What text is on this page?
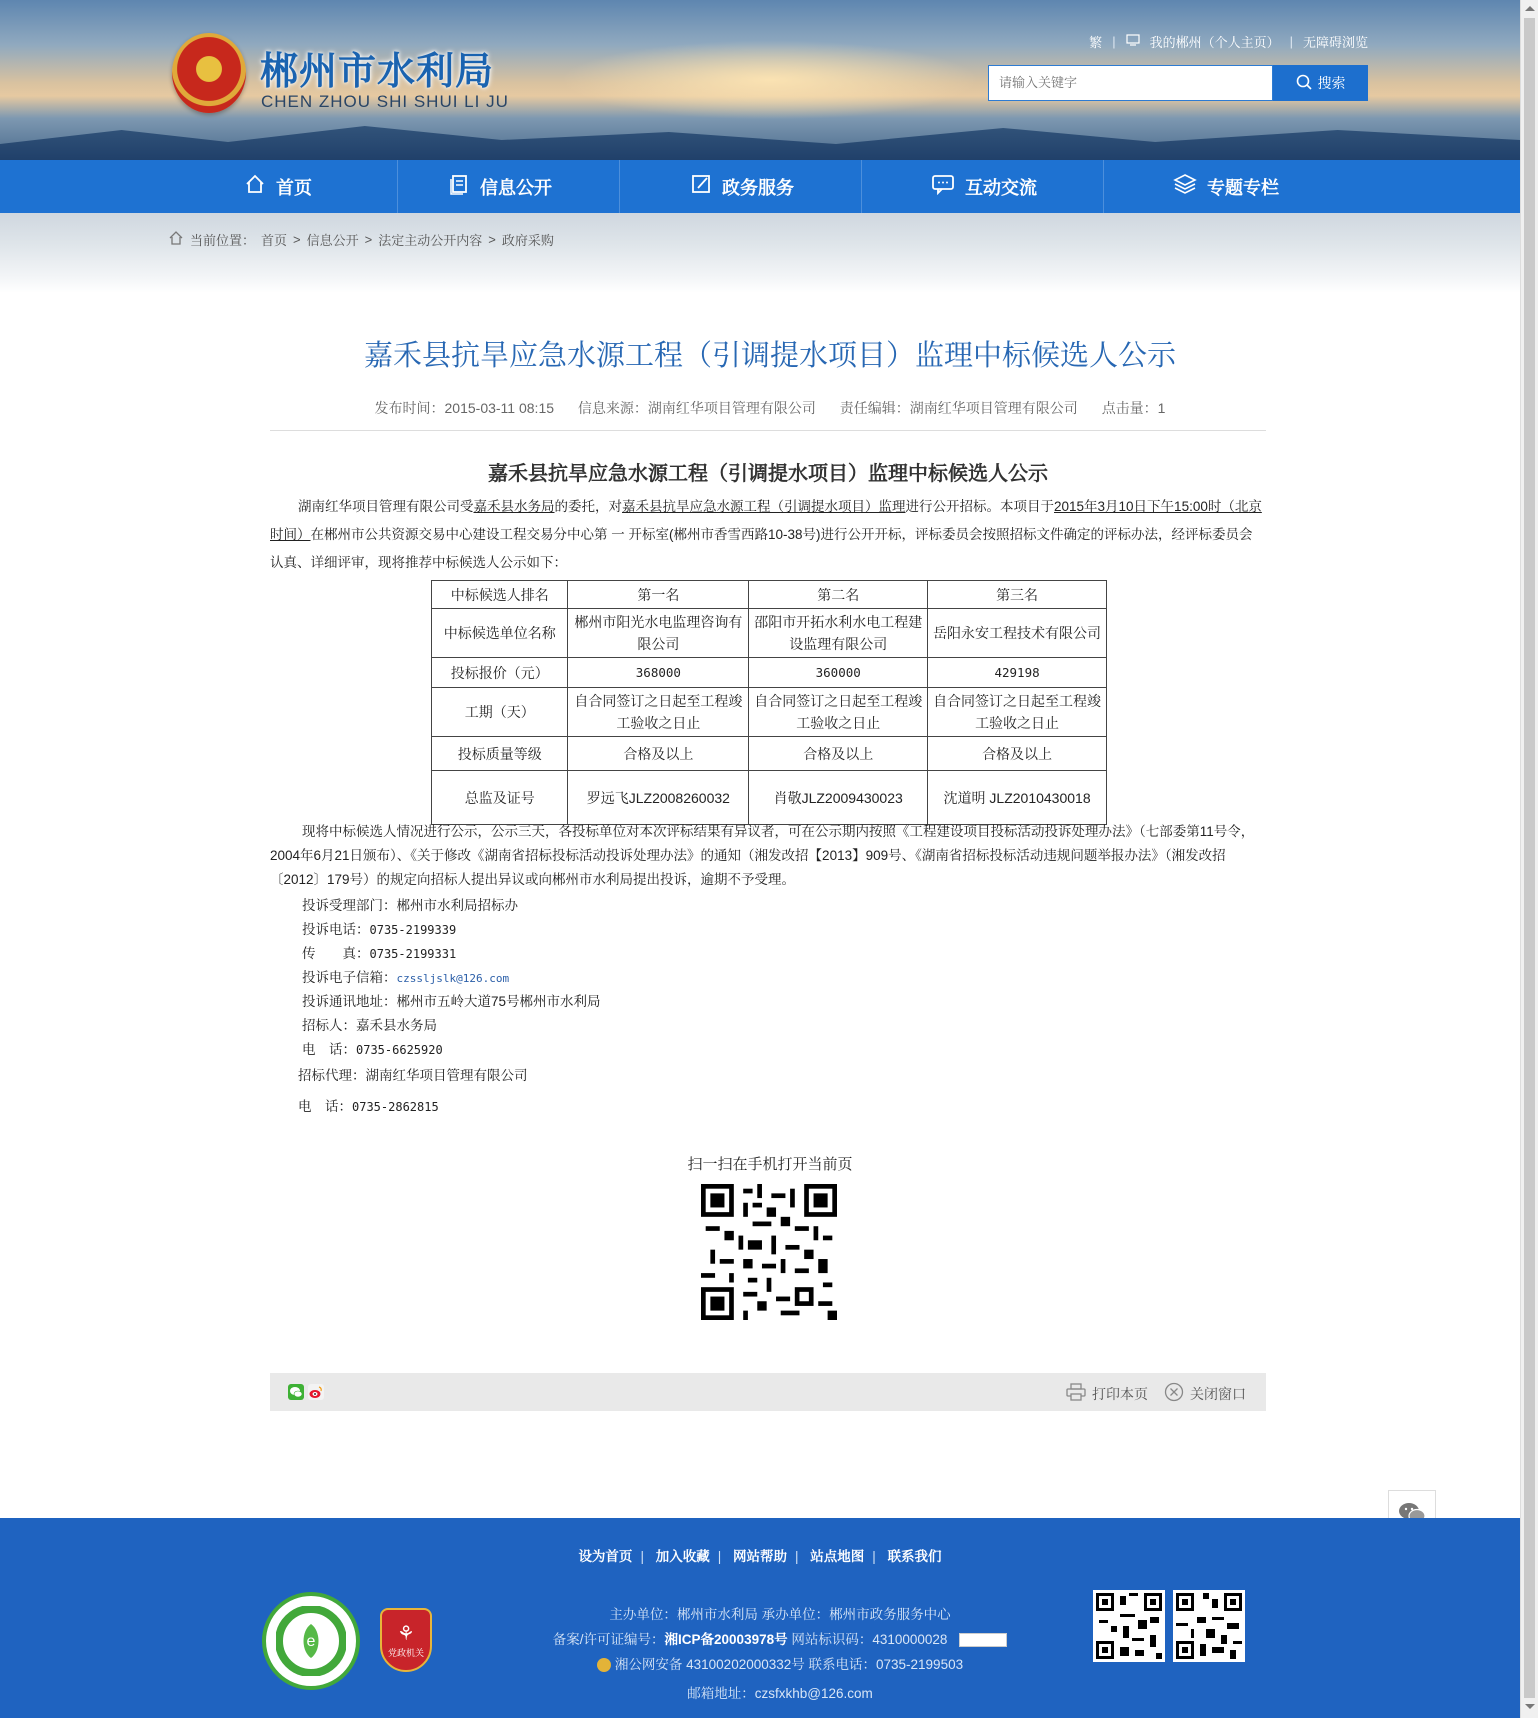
郴州市水利局
CHEN ZHOU SHI SHUI LI JU
繁 |	我的郴州（个人主页） | 无障碍浏览
请输入关键字
搜索
首页	信息公开	政务服务	互动交流	专题专栏
当前位置： 首页 > 信息公开 > 法定主动公开内容 > 政府采购
嘉禾县抗旱应急水源工程（引调提水项目）监理中标候选人公示
发布时间：2015-03-11 08:15 信息来源：湖南红华项目管理有限公司 责任编辑：湖南红华项目管理有限公司 点击量：1
嘉禾县抗旱应急水源工程（引调提水项目）监理中标候选人公示
湖南红华项目管理有限公司受嘉禾县水务局的委托，对嘉禾县抗旱应急水源工程（引调提水项目）监理进行公开招标。本项目于2015年3月10日下午15:00时（北京时间）在郴州市公共资源交易中心建设工程交易分中心第 一 开标室(郴州市香雪西路10-38号)进行公开开标，评标委员会按照招标文件确定的评标办法，经评标委员会认真、详细评审，现将推荐中标候选人公示如下：
中标候选人排名	第一名	第二名	第三名
中标候选单位名称	郴州市阳光水电监理咨询有限公司	邵阳市开拓水利水电工程建设监理有限公司	岳阳永安工程技术有限公司
投标报价（元）	368000	360000	429198
工期（天）	自合同签订之日起至工程竣工验收之日止	自合同签订之日起至工程竣工验收之日止	自合同签订之日起至工程竣工验收之日止
投标质量等级	合格及以上	合格及以上	合格及以上
总监及证号	罗远飞JLZ2008260032	肖敬JLZ2009430023	沈道明 JLZ2010430018
现将中标候选人情况进行公示，公示三天，各投标单位对本次评标结果有异议者，可在公示期内按照《工程建设项目投标活动投诉处理办法》（七部委第11号令，2004年6月21日颁布）、《关于修改《湖南省招标投标活动投诉处理办法》的通知（湘发改招【2013】909号、《湖南省招标投标活动违规问题举报办法》（湘发改招〔2012〕179号）的规定向招标人提出异议或向郴州市水利局提出投诉，逾期不予受理。
投诉受理部门：郴州市水利局招标办
投诉电话：0735-2199339
传　　真：0735-2199331
投诉电子信箱：czssljslk@126.com
投诉通讯地址：郴州市五岭大道75号郴州市水利局
招标人：嘉禾县水务局
电　话：0735-6625920
招标代理：湖南红华项目管理有限公司
电　话：0735-2862815
扫一扫在手机打开当前页
打印本页	关闭窗口
设为首页 | 加入收藏 | 网站帮助 | 站点地图 | 联系我们
e	⚘
党政机关
主办单位：郴州市水利局 承办单位：郴州市政务服务中心
备案/许可证编号：湘ICP备20003978号 网站标识码：4310000028
湘公网安备 43100202000332号 联系电话：0735-2199503
邮箱地址：czsfxkhb@126.com
